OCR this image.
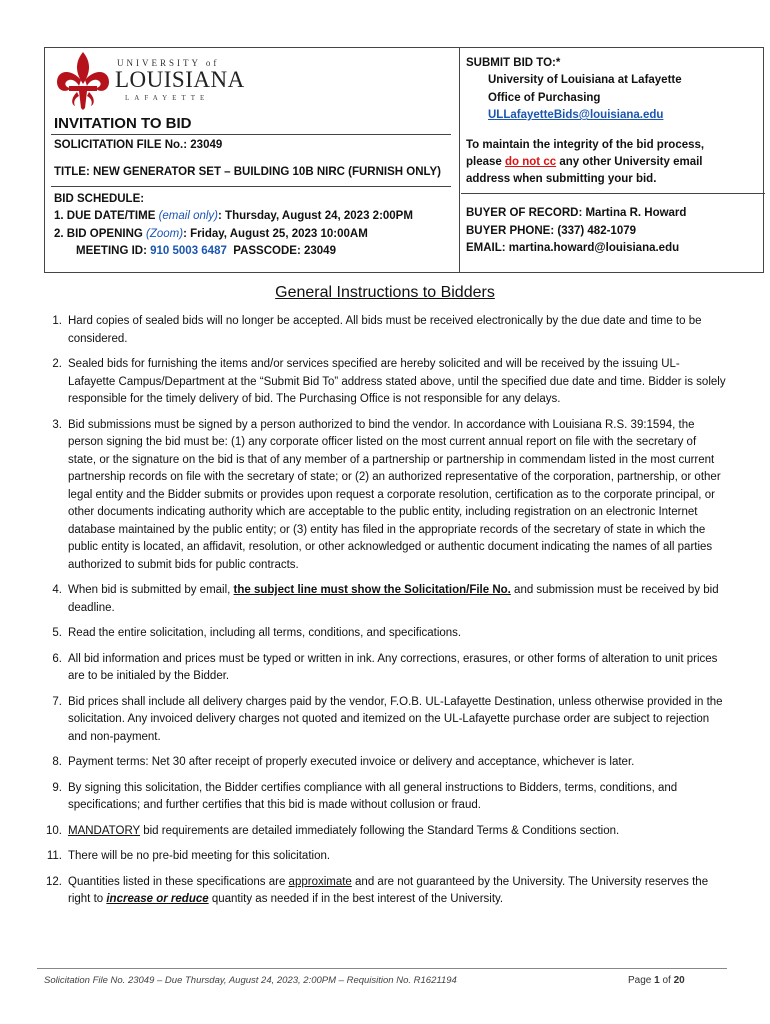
UNIVERSITY of
LOUISIANA
LAFAYETTE
INVITATION TO BID
SOLICITATION FILE No.: 23049
TITLE: NEW GENERATOR SET – BUILDING 10B NIRC (FURNISH ONLY)
BID SCHEDULE:
1. DUE DATE/TIME (email only): Thursday, August 24, 2023 2:00PM
2. BID OPENING (Zoom): Friday, August 25, 2023 10:00AM
MEETING ID: 910 5003 6487 PASSCODE: 23049
SUBMIT BID TO:*
University of Louisiana at Lafayette
Office of Purchasing
ULLafayetteBids@louisiana.edu
To maintain the integrity of the bid process,
please do not cc any other University email
address when submitting your bid.
BUYER OF RECORD: Martina R. Howard
BUYER PHONE: (337) 482-1079
EMAIL: martina.howard@louisiana.edu
General Instructions to Bidders
1. Hard copies of sealed bids will no longer be accepted. All bids must be received electronically by the due date and time to be considered.
2. Sealed bids for furnishing the items and/or services specified are hereby solicited and will be received by the issuing UL-Lafayette Campus/Department at the “Submit Bid To” address stated above, until the specified due date and time. Bidder is solely responsible for the timely delivery of bid. The Purchasing Office is not responsible for any delays.
3. Bid submissions must be signed by a person authorized to bind the vendor. In accordance with Louisiana R.S. 39:1594, the person signing the bid must be: (1) any corporate officer listed on the most current annual report on file with the secretary of state, or the signature on the bid is that of any member of a partnership or partnership in commendam listed in the most current partnership records on file with the secretary of state; or (2) an authorized representative of the corporation, partnership, or other legal entity and the Bidder submits or provides upon request a corporate resolution, certification as to the corporate principal, or other documents indicating authority which are acceptable to the public entity, including registration on an electronic Internet database maintained by the public entity; or (3) entity has filed in the appropriate records of the secretary of state in which the public entity is located, an affidavit, resolution, or other acknowledged or authentic document indicating the names of all parties authorized to submit bids for public contracts.
4. When bid is submitted by email, the subject line must show the Solicitation/File No. and submission must be received by bid deadline.
5. Read the entire solicitation, including all terms, conditions, and specifications.
6. All bid information and prices must be typed or written in ink. Any corrections, erasures, or other forms of alteration to unit prices are to be initialed by the Bidder.
7. Bid prices shall include all delivery charges paid by the vendor, F.O.B. UL-Lafayette Destination, unless otherwise provided in the solicitation. Any invoiced delivery charges not quoted and itemized on the UL-Lafayette purchase order are subject to rejection and non-payment.
8. Payment terms: Net 30 after receipt of properly executed invoice or delivery and acceptance, whichever is later.
9. By signing this solicitation, the Bidder certifies compliance with all general instructions to Bidders, terms, conditions, and specifications; and further certifies that this bid is made without collusion or fraud.
10. MANDATORY bid requirements are detailed immediately following the Standard Terms & Conditions section.
11. There will be no pre-bid meeting for this solicitation.
12. Quantities listed in these specifications are approximate and are not guaranteed by the University. The University reserves the right to increase or reduce quantity as needed if in the best interest of the University.
Solicitation File No. 23049 – Due Thursday, August 24, 2023, 2:00PM – Requisition No. R1621194	Page 1 of 20
